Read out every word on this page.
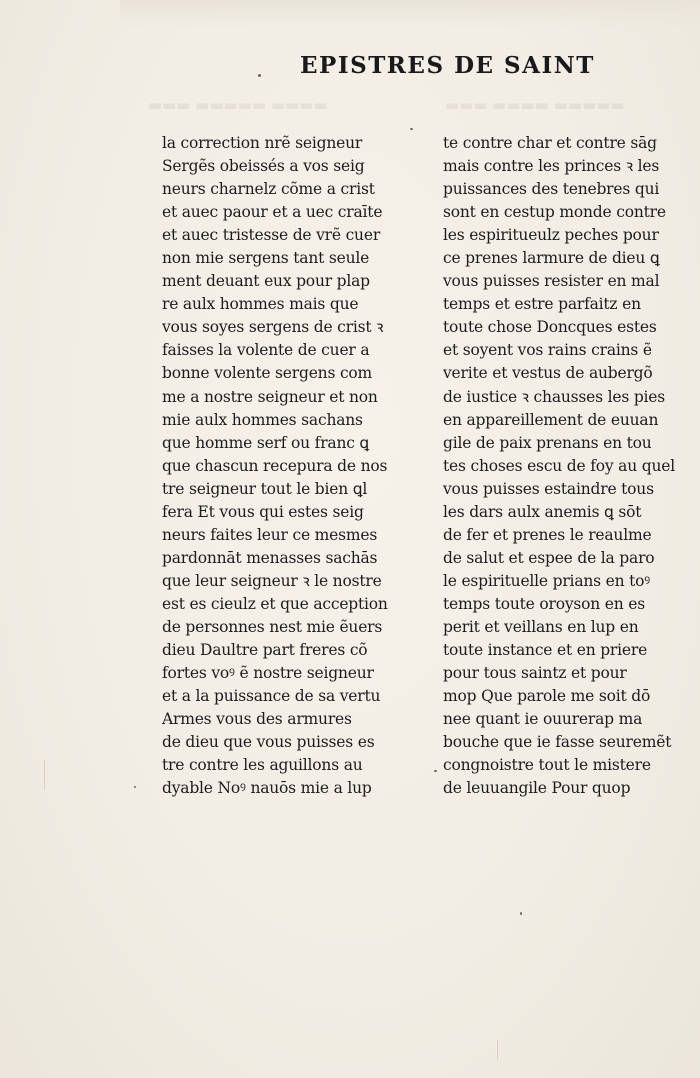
▬▬▬ ▬▬▬▬▬ ▬▬▬▬	▬▬▬ ▬▬▬▬ ▬▬▬▬▬
EPISTRES DE SAINT
la correction nrẽ seigneur
Sergẽs obeissés a vos seig
neurs charnelz cõme a crist
et auec paour et a uec craīte
et auec tristesse de vrẽ cuer
non mie sergens tant seule
ment deuant eux pour plap
re aulx hommes mais que
vous soyes sergens de crist ꝛ
faisses la volente de cuer a
bonne volente sergens com
me a nostre seigneur et non
mie aulx hommes sachans
que homme serf ou franc ꝗ
que chascun recepura de nos
tre seigneur tout le bien ꝗl
fera Et vous qui estes seig
neurs faites leur ce mesmes
pardonnāt menasses sachās
que leur seigneur ꝛ le nostre
est es cieulz et que acception
de personnes nest mie ẽuers
dieu Daultre part freres cõ
fortes voꝰ ẽ nostre seigneur
et a la puissance de sa vertu
Armes vous des armures
de dieu que vous puisses es
tre contre les aguillons au
dyable Noꝰ nauōs mie a lup
te contre char et contre sāg
mais contre les princes ꝛ les
puissances des tenebres qui
sont en cestup monde contre
les espiritueulz peches pour
ce prenes larmure de dieu ꝗ
vous puisses resister en mal
temps et estre parfaitz en
toute chose Doncques estes
et soyent vos rains crains ẽ
verite et vestus de aubergõ
de iustice ꝛ chausses les pies
en appareillement de euuan
gile de paix prenans en tou
tes choses escu de foy au quel
vous puisses estaindre tous
les dars aulx anemis ꝗ sōt
de fer et prenes le reaulme
de salut et espee de la paro
le espirituelle prians en toꝰ
temps toute oroyson en es
perit et veillans en lup en
toute instance et en priere
pour tous saintz et pour
mop Que parole me soit dō
nee quant ie ouurerap ma
bouche que ie fasse seuremẽt
congnoistre tout le mistere
de leuuangile Pour quop
